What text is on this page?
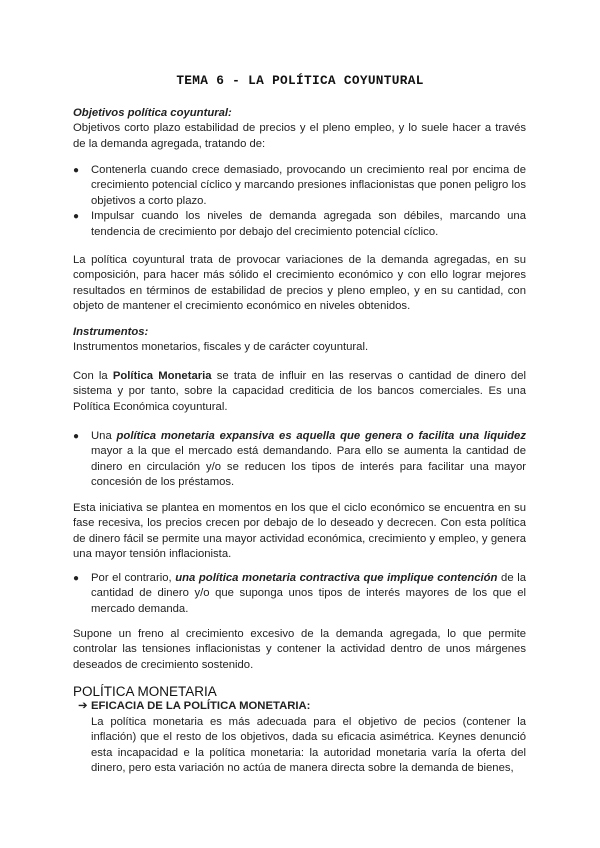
TEMA 6 - LA POLÍTICA COYUNTURAL
Objetivos política coyuntural:

Objetivos corto plazo estabilidad de precios y el pleno empleo, y lo suele hacer a través de la demanda agregada, tratando de:

● Contenerla cuando crece demasiado, provocando un crecimiento real por encima de crecimiento potencial cíclico y marcando presiones inflacionistas que ponen peligro los objetivos a corto plazo.
● Impulsar cuando los niveles de demanda agregada son débiles, marcando una tendencia de crecimiento por debajo del crecimiento potencial cíclico.

La política coyuntural trata de provocar variaciones de la demanda agregadas, en su composición, para hacer más sólido el crecimiento económico y con ello lograr mejores resultados en términos de estabilidad de precios y pleno empleo, y en su cantidad, con objeto de mantener el crecimiento económico en niveles obtenidos.

Instrumentos:

Instrumentos monetarios, fiscales y de carácter coyuntural.

Con la Política Monetaria se trata de influir en las reservas o cantidad de dinero del sistema y por tanto, sobre la capacidad crediticia de los bancos comerciales. Es una Política Económica coyuntural.

● Una política monetaria expansiva es aquella que genera o facilita una liquidez mayor a la que el mercado está demandando. Para ello se aumenta la cantidad de dinero en circulación y/o se reducen los tipos de interés para facilitar una mayor concesión de los préstamos.

Esta iniciativa se plantea en momentos en los que el ciclo económico se encuentra en su fase recesiva, los precios crecen por debajo de lo deseado y decrecen. Con esta política de dinero fácil se permite una mayor actividad económica, crecimiento y empleo, y genera una mayor tensión inflacionista.

● Por el contrario, una política monetaria contractiva que implique contención de la cantidad de dinero y/o que suponga unos tipos de interés mayores de los que el mercado demanda.

Supone un freno al crecimiento excesivo de la demanda agregada, lo que permite controlar las tensiones inflacionistas y contener la actividad dentro de unos márgenes deseados de crecimiento sostenido.

POLÍTICA MONETARIA
➔ EFICACIA DE LA POLÍTICA MONETARIA:

La política monetaria es más adecuada para el objetivo de pecios (contener la inflación) que el resto de los objetivos, dada su eficacia asimétrica. Keynes denunció esta incapacidad e la política monetaria: la autoridad monetaria varía la oferta del dinero, pero esta variación no actúa de manera directa sobre la demanda de bienes,
